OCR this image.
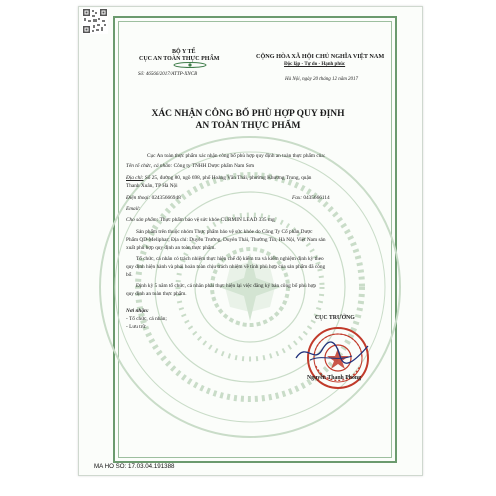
BỘ Y TẾ
CỤC AN TOÀN THỰC PHẨM
Số: 46566/2017/ATTP-XNCB
CỘNG HÒA XÃ HỘI CHỦ NGHĨA VIỆT NAM
Độc lập - Tự do - Hạnh phúc
Hà Nội, ngày 20 tháng 12 năm 2017
XÁC NHẬN CÔNG BỐ PHÙ HỢP QUY ĐỊNH
AN TOÀN THỰC PHẨM
Cục An toàn thực phẩm xác nhận công bố phù hợp quy định an toàn thực phẩm của:
Tên tổ chức, cá nhân: Công ty TNHH Dược phẩm Nam Sơn
Địa chỉ: Số 25, đường 80, ngõ 698, phố Hoàng Văn Thái, phường Khương Trung, quận
Thanh Xuân, TP Hà Nội
Điện thoại: 02435666948	Fax: 0435666114
Email:
Cho sản phẩm: Thực phẩm bảo vệ sức khỏe CURMIN LEAD 335 mg
Sản phẩm trên thuộc nhóm Thực phẩm bảo vệ sức khỏe do Công Ty Cổ phần Dược
Phẩm QD-Meliphar; Địa chỉ: Duyên Trường, Duyên Thái, Thường Tín, Hà Nội, Việt Nam sản
xuất phù hợp quy định an toàn thực phẩm.
Tổ chức, cá nhân có trách nhiệm thực hiện chế độ kiểm tra và kiểm nghiệm định kỳ theo
quy định hiện hành và phải hoàn toàn chịu trách nhiệm về tính phù hợp của sản phẩm đã công
bố.
Định kỳ 5 năm tổ chức, cá nhân phải thực hiện lại việc đăng ký bản công bố phù hợp
quy định an toàn thực phẩm.
Nơi nhận:
- Tổ chức, cá nhân;
- Lưu trữ.
CỤC TRƯỞNG
Nguyễn Thanh Phong
MA HO SO: 17.03.04.191388
